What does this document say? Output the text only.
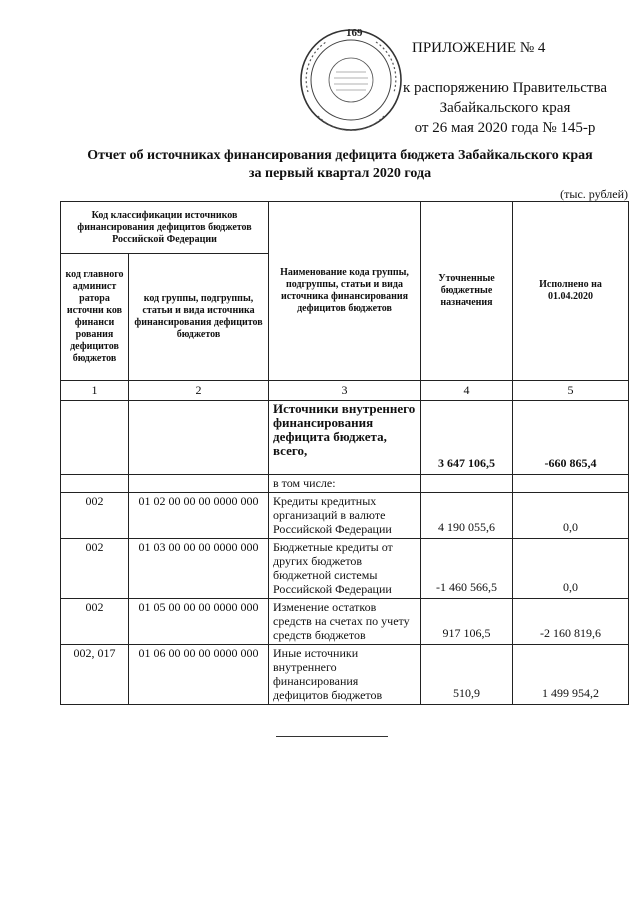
169
ПРИЛОЖЕНИЕ № 4
к распоряжению Правительства
Забайкальского края
от 26 мая 2020 года № 145-р
Отчет об источниках финансирования дефицита бюджета Забайкальского края
за первый квартал 2020 года
(тыс. рублей)
Код классификации источников финансирования дефицитов бюджетов Российской Федерации		Наименование кода группы, подгруппы, статьи и вида источника финансирования дефицитов бюджетов	Уточненные бюджетные назначения	Исполнено на 01.04.2020
код главного админист ратора источни ков финанси рования дефицитов бюджетов	код группы, подгруппы, статьи и вида источника финансирования дефицитов бюджетов			
1	2	3	4	5
		Источники внутреннего финансирования дефицита бюджета, всего,	3 647 106,5	-660 865,4
		в том числе:		
002	01 02 00 00 00 0000 000	Кредиты кредитных организаций в валюте Российской Федерации	4 190 055,6	0,0
002	01 03 00 00 00 0000 000	Бюджетные кредиты от других бюджетов бюджетной системы Российской Федерации	-1 460 566,5	0,0
002	01 05 00 00 00 0000 000	Изменение остатков средств на счетах по учету средств бюджетов	917 106,5	-2 160 819,6
002, 017	01 06 00 00 00 0000 000	Иные источники внутреннего финансирования дефицитов бюджетов	510,9	1 499 954,2
